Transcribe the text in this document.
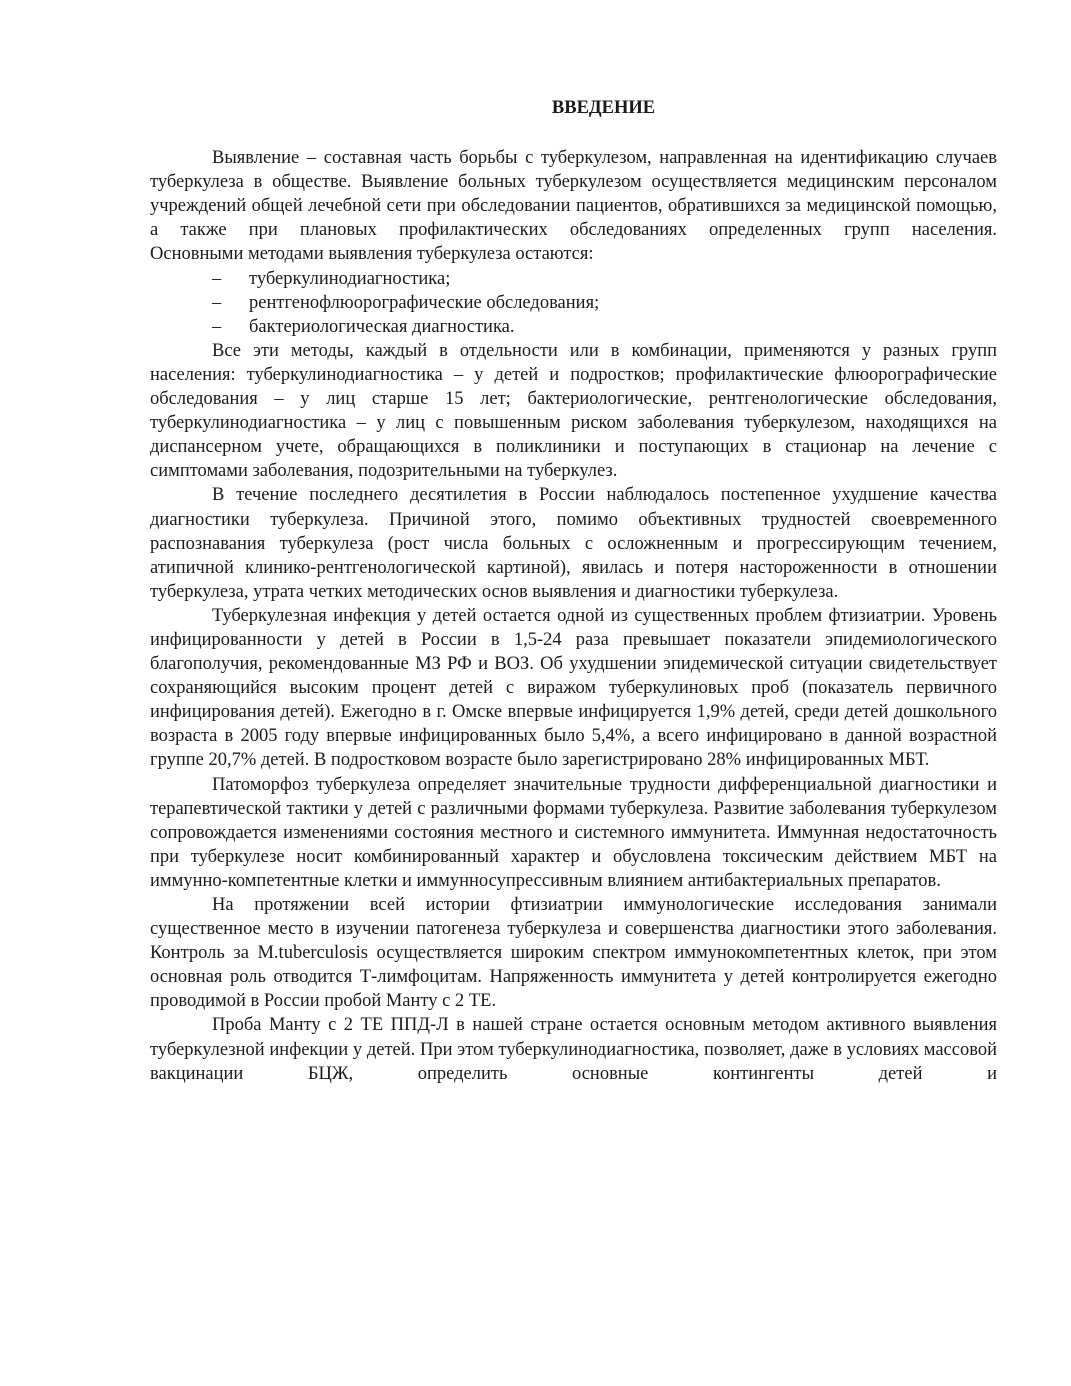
ВВЕДЕНИЕ

Выявление – составная часть борьбы с туберкулезом, направленная на идентификацию случаев туберкулеза в обществе. Выявление больных туберкулезом осуществляется медицинским персоналом учреждений общей лечебной сети при обследовании пациентов, обратившихся за медицинской помощью, а также при плановых профилактических обследованиях определенных групп населения.

Основными методами выявления туберкулеза остаются:

– туберкулинодиагностика;
– рентгенофлюорографические обследования;
– бактериологическая диагностика.

Все эти методы, каждый в отдельности или в комбинации, применяются у разных групп населения: туберкулинодиагностика – у детей и подростков; профилактические флюорографические обследования – у лиц старше 15 лет; бактериологические, рентгенологические обследования, туберкулинодиагностика – у лиц с повышенным риском заболевания туберкулезом, находящихся на диспансерном учете, обращающихся в поликлиники и поступающих в стационар на лечение с симптомами заболевания, подозрительными на туберкулез.

В течение последнего десятилетия в России наблюдалось постепенное ухудшение качества диагностики туберкулеза. Причиной этого, помимо объективных трудностей своевременного распознавания туберкулеза (рост числа больных с осложненным и прогрессирующим течением, атипичной клинико-рентгенологической картиной), явилась и потеря настороженности в отношении туберкулеза, утрата четких методических основ выявления и диагностики туберкулеза.

Туберкулезная инфекция у детей остается одной из существенных проблем фтизиатрии. Уровень инфицированности у детей в России в 1,5-24 раза превышает показатели эпидемиологического благополучия, рекомендованные МЗ РФ и ВОЗ. Об ухудшении эпидемической ситуации свидетельствует сохраняющийся высоким процент детей с виражом туберкулиновых проб (показатель первичного инфицирования детей). Ежегодно в г. Омске впервые инфицируется 1,9% детей, среди детей дошкольного возраста в 2005 году впервые инфицированных было 5,4%, а всего инфицировано в данной возрастной группе 20,7% детей. В подростковом возрасте было зарегистрировано 28% инфицированных МБТ.

Патоморфоз туберкулеза определяет значительные трудности дифференциальной диагностики и терапевтической тактики у детей с различными формами туберкулеза. Развитие заболевания туберкулезом сопровождается изменениями состояния местного и системного иммунитета. Иммунная недостаточность при туберкулезе носит комбинированный характер и обусловлена токсическим действием МБТ на иммунно-компетентные клетки и иммунносупрессивным влиянием антибактериальных препаратов.

На протяжении всей истории фтизиатрии иммунологические исследования занимали существенное место в изучении патогенеза туберкулеза и совершенства диагностики этого заболевания. Контроль за M.tuberculosis осуществляется широким спектром иммунокомпетентных клеток, при этом основная роль отводится Т-лимфоцитам. Напряженность иммунитета у детей контролируется ежегодно проводимой в России пробой Манту с 2 ТЕ.

Проба Манту с 2 ТЕ ППД-Л в нашей стране остается основным методом активного выявления туберкулезной инфекции у детей. При этом туберкулинодиагностика, позволяет, даже в условиях массовой вакцинации БЦЖ, определить основные контингенты детей и
